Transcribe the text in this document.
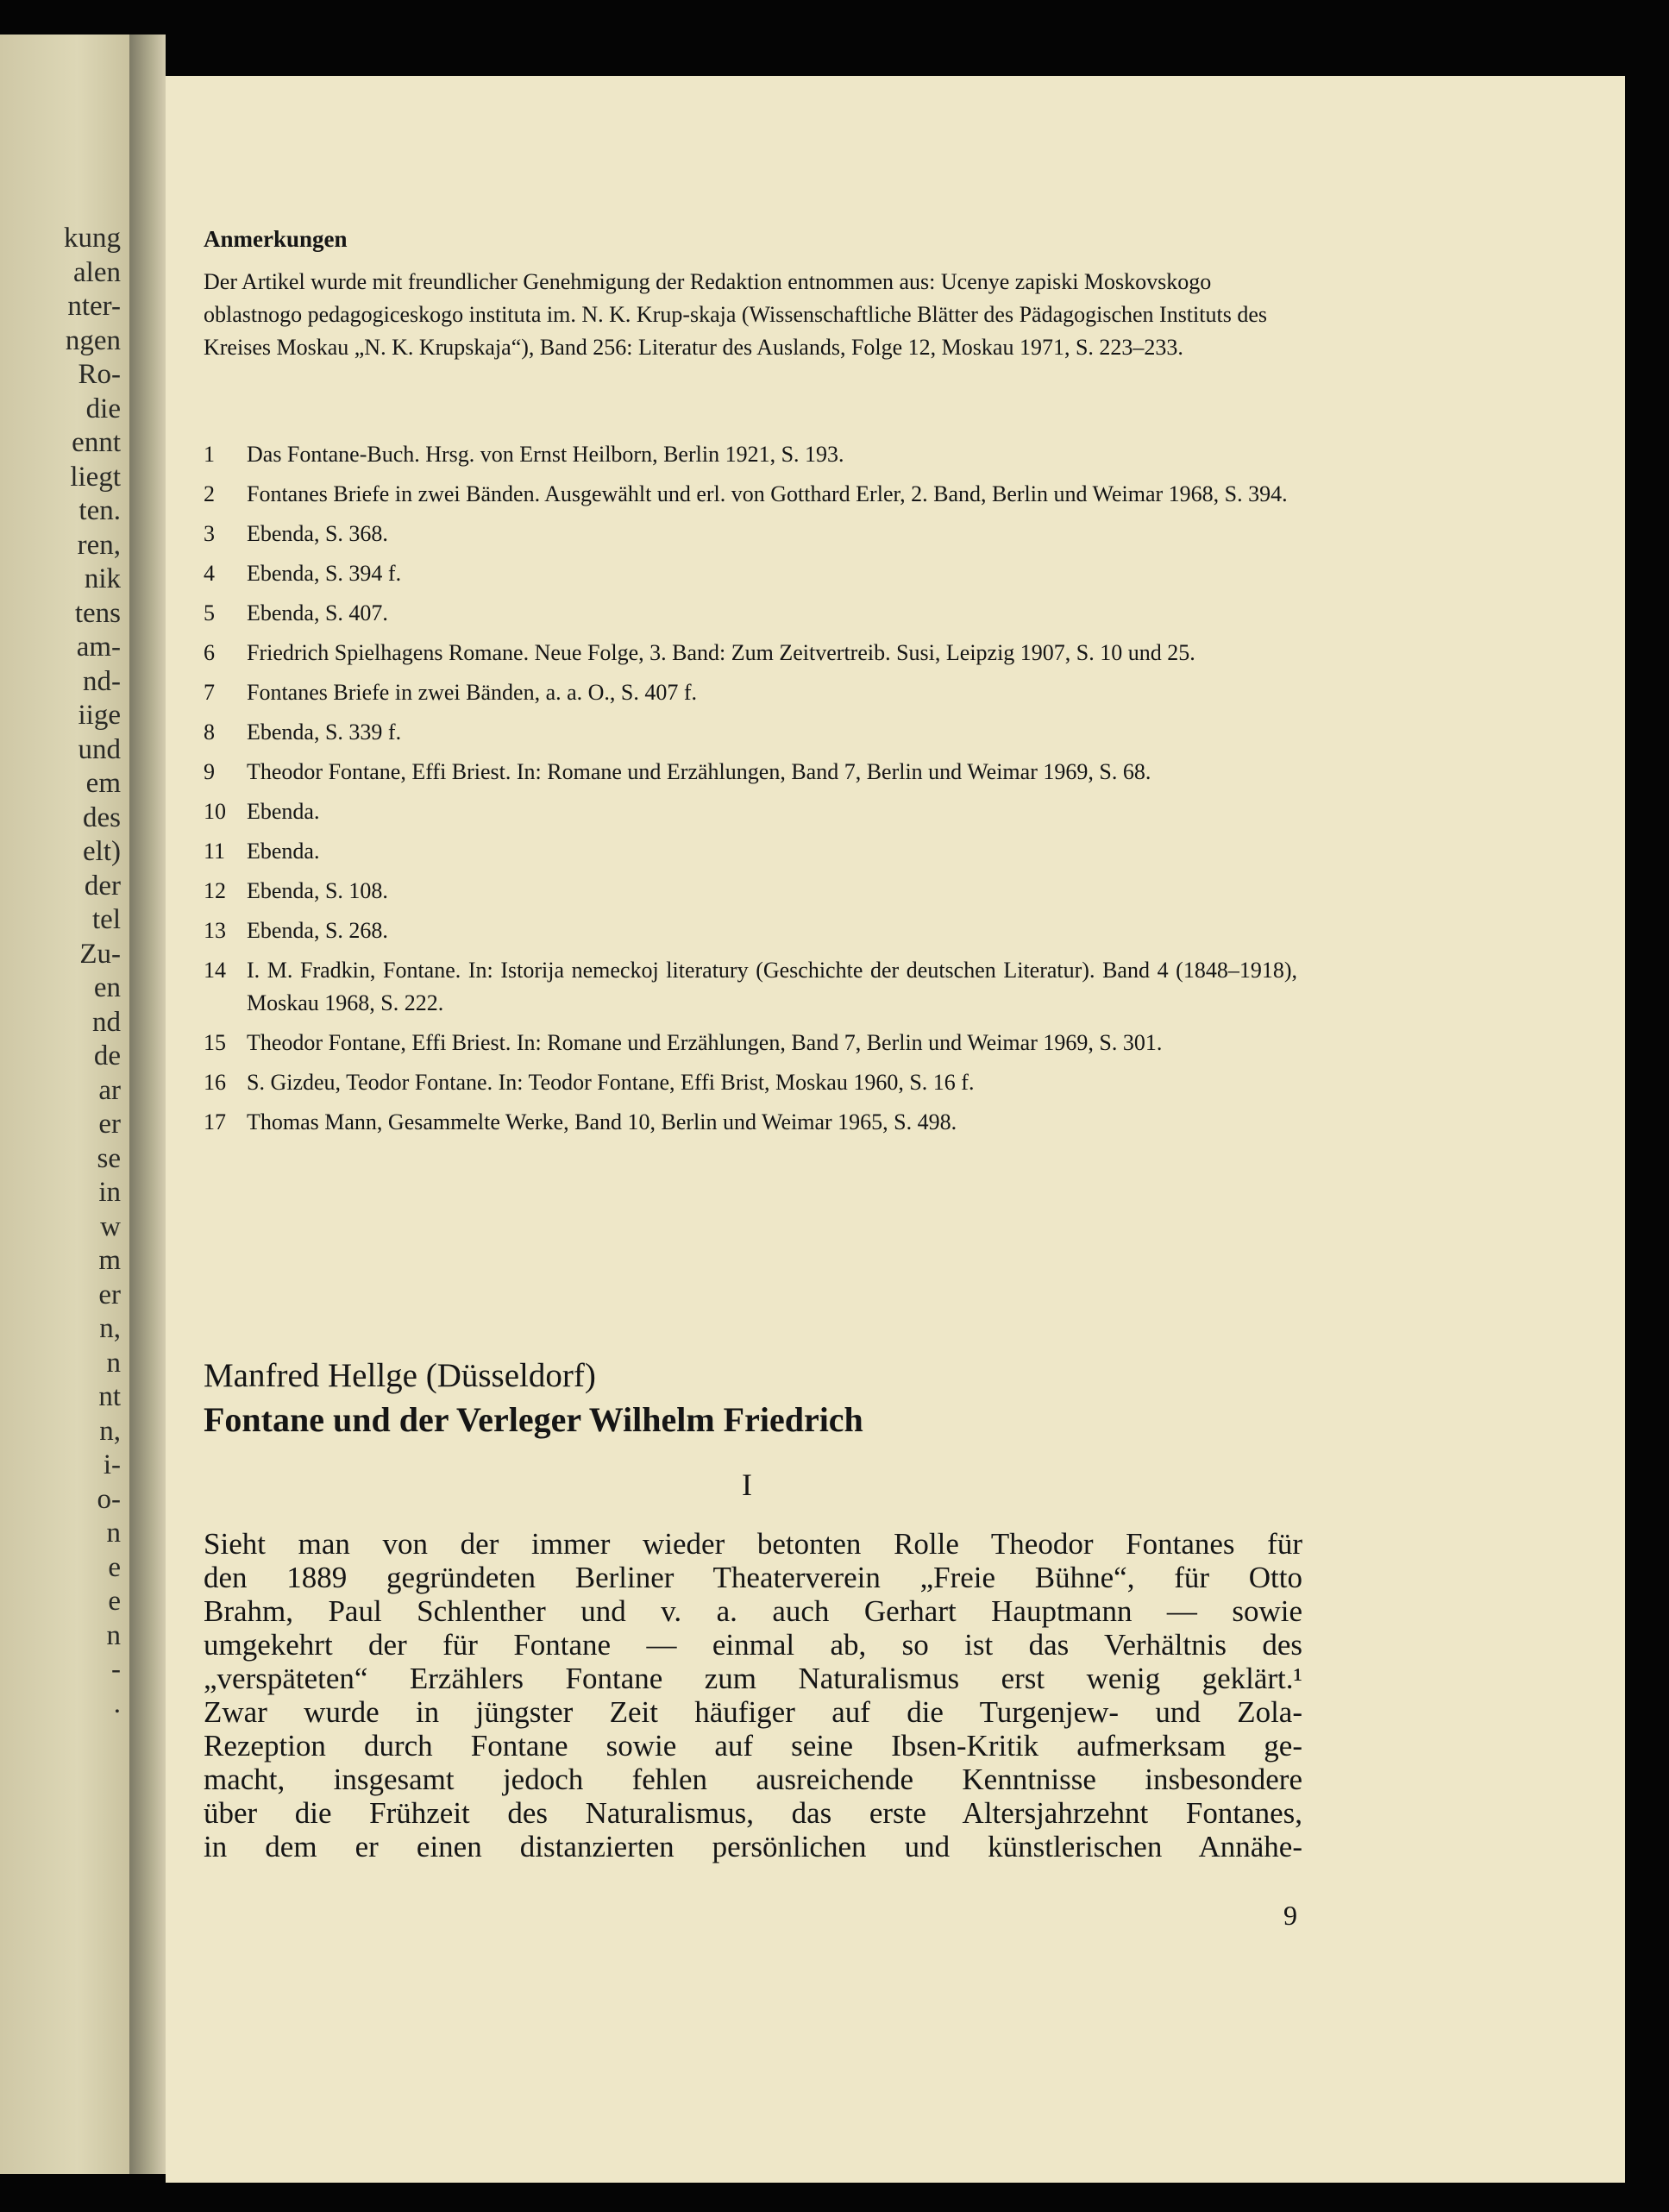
kung
alen
nter-
ngen
Ro-
die
ennt
liegt
ten.
ren,
nik
tens
am-
nd-
iige
und
em
des
elt)
der
tel
Zu-
en
nd
de
ar
er
se
in
w
m
er
n,
n
nt
n,
i-
o-
n
e
e
n
-
.
Anmerkungen
Der Artikel wurde mit freundlicher Genehmigung der Redaktion entnommen aus: Ucenye zapiski Moskovskogo oblastnogo pedagogiceskogo instituta im. N. K. Krup-skaja (Wissenschaftliche Blätter des Pädagogischen Instituts des Kreises Moskau „N. K. Krupskaja“), Band 256: Literatur des Auslands, Folge 12, Moskau 1971, S. 223–233.
1	Das Fontane-Buch. Hrsg. von Ernst Heilborn, Berlin 1921, S. 193.
2	Fontanes Briefe in zwei Bänden. Ausgewählt und erl. von Gotthard Erler, 2. Band, Berlin und Weimar 1968, S. 394.
3	Ebenda, S. 368.
4	Ebenda, S. 394 f.
5	Ebenda, S. 407.
6	Friedrich Spielhagens Romane. Neue Folge, 3. Band: Zum Zeitvertreib. Susi, Leipzig 1907, S. 10 und 25.
7	Fontanes Briefe in zwei Bänden, a. a. O., S. 407 f.
8	Ebenda, S. 339 f.
9	Theodor Fontane, Effi Briest. In: Romane und Erzählungen, Band 7, Berlin und Weimar 1969, S. 68.
10 Ebenda.
11 Ebenda.
12 Ebenda, S. 108.
13 Ebenda, S. 268.
14 I. M. Fradkin, Fontane. In: Istorija nemeckoj literatury (Geschichte der deutschen Literatur). Band 4 (1848–1918), Moskau 1968, S. 222.
15 Theodor Fontane, Effi Briest. In: Romane und Erzählungen, Band 7, Berlin und Weimar 1969, S. 301.
16 S. Gizdeu, Teodor Fontane. In: Teodor Fontane, Effi Brist, Moskau 1960, S. 16 f.
17 Thomas Mann, Gesammelte Werke, Band 10, Berlin und Weimar 1965, S. 498.
Manfred Hellge (Düsseldorf)
Fontane und der Verleger Wilhelm Friedrich
I
Sieht man von der immer wieder betonten Rolle Theodor Fontanes für
den 1889 gegründeten Berliner Theaterverein „Freie Bühne“, für Otto
Brahm, Paul Schlenther und v. a. auch Gerhart Hauptmann — sowie
umgekehrt der für Fontane — einmal ab, so ist das Verhältnis des
„verspäteten“ Erzählers Fontane zum Naturalismus erst wenig geklärt.¹
Zwar wurde in jüngster Zeit häufiger auf die Turgenjew- und Zola-
Rezeption durch Fontane sowie auf seine Ibsen-Kritik aufmerksam ge-
macht, insgesamt jedoch fehlen ausreichende Kenntnisse insbesondere
über die Frühzeit des Naturalismus, das erste Altersjahrzehnt Fontanes,
in dem er einen distanzierten persönlichen und künstlerischen Annähe-
9
